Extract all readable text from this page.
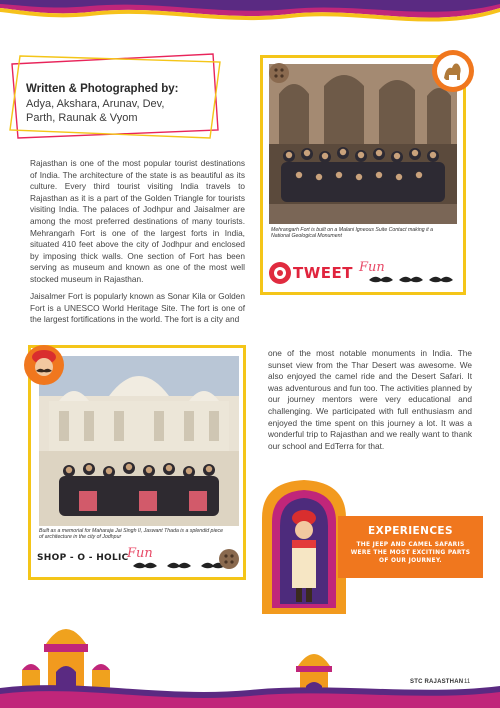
Written & Photographed by:
Adya, Akshara, Arunav, Dev, Parth, Raunak & Vyom
Rajasthan is one of the most popular tourist destinations of India. The architecture of the state is as beautiful as its culture. Every third tourist visiting India travels to Rajasthan as it is a part of the Golden Triangle for tourists visiting India. The palaces of Jodhpur and Jaisalmer are among the most preferred destinations of many tourists. Mehrangarh Fort is one of the largest forts in India, situated 410 feet above the city of Jodhpur and enclosed by imposing thick walls. One section of Fort has been serving as museum and known as one of the most well stocked museum in Rajasthan.
Jaisalmer Fort is popularly known as Sonar Kila or Golden Fort is a UNESCO World Heritage Site. The fort is one of the largest fortifications in the world. The fort is a city and
one of the most notable monuments in India. The sunset view from the Thar Desert was awesome. We also enjoyed the camel ride and the Desert Safari. It was adventurous and fun too. The activities planned by our journey mentors were very educational and challenging. We participated with full enthusiasm and enjoyed the time spent on this journey a lot. It was a wonderful trip to Rajasthan and we really want to thank our school and EdTerra for that.
Mehrangarh Fort is built on a Malani Igneous Suite Contact making it a National Geological Monument
TWEET Fun
Built as a memorial for Maharaja Jai Singh II, Jaswant Thada is a splendid piece of architecture in the city of Jodhpur
SHOP - O - HOLIC
Fun
EXPERIENCES
THE JEEP AND CAMEL SAFARIS WERE THE MOST EXCITING PARTS OF OUR JOURNEY.
STC RAJASTHAN 11
